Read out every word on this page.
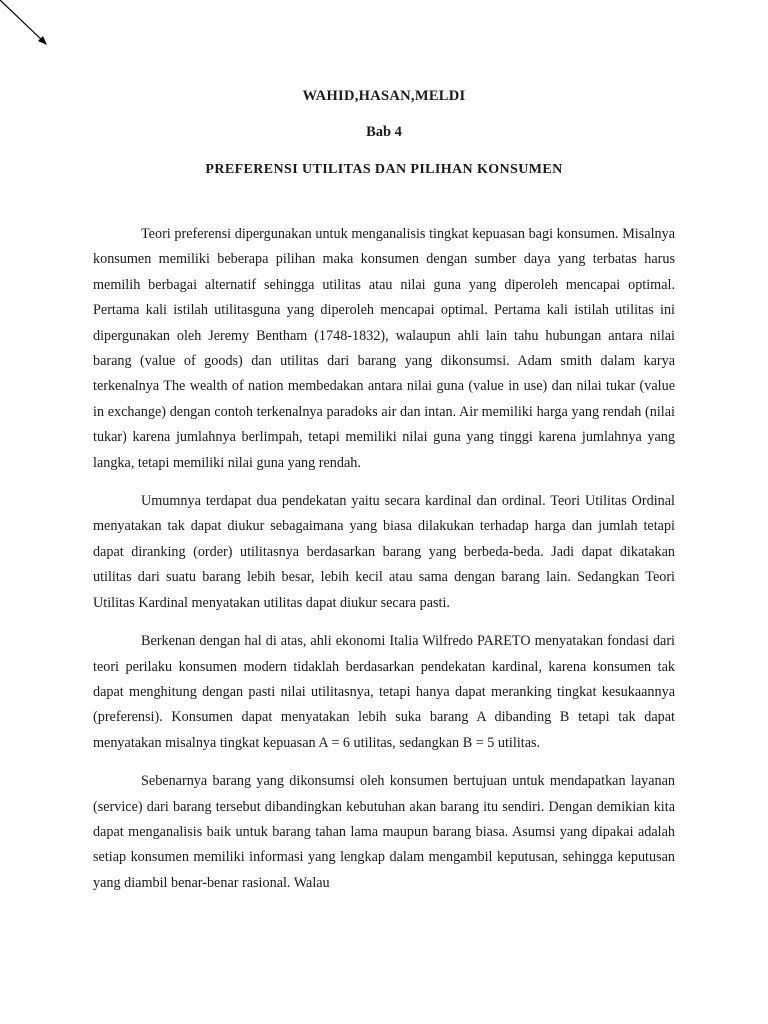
WAHID,HASAN,MELDI
Bab 4
PREFERENSI UTILITAS DAN PILIHAN KONSUMEN

Teori preferensi dipergunakan untuk menganalisis tingkat kepuasan bagi konsumen. Misalnya konsumen memiliki beberapa pilihan maka konsumen dengan sumber daya yang terbatas harus memilih berbagai alternatif sehingga utilitas atau nilai guna yang diperoleh mencapai optimal. Pertama kali istilah utilitasguna yang diperoleh mencapai optimal. Pertama kali istilah utilitas ini dipergunakan oleh Jeremy Bentham (1748-1832), walaupun ahli lain tahu hubungan antara nilai barang (value of goods) dan utilitas dari barang yang dikonsumsi. Adam smith dalam karya terkenalnya The wealth of nation membedakan antara nilai guna (value in use) dan nilai tukar (value in exchange) dengan contoh terkenalnya paradoks air dan intan. Air memiliki harga yang rendah (nilai tukar) karena jumlahnya berlimpah, tetapi memiliki nilai guna yang tinggi karena jumlahnya yang langka, tetapi memiliki nilai guna yang rendah.

Umumnya terdapat dua pendekatan yaitu secara kardinal dan ordinal. Teori Utilitas Ordinal menyatakan tak dapat diukur sebagaimana yang biasa dilakukan terhadap harga dan jumlah tetapi dapat diranking (order) utilitasnya berdasarkan barang yang berbeda-beda. Jadi dapat dikatakan utilitas dari suatu barang lebih besar, lebih kecil atau sama dengan barang lain. Sedangkan Teori Utilitas Kardinal menyatakan utilitas dapat diukur secara pasti.

Berkenan dengan hal di atas, ahli ekonomi Italia Wilfredo PARETO menyatakan fondasi dari teori perilaku konsumen modern tidaklah berdasarkan pendekatan kardinal, karena konsumen tak dapat menghitung dengan pasti nilai utilitasnya, tetapi hanya dapat meranking tingkat kesukaannya (preferensi). Konsumen dapat menyatakan lebih suka barang A dibanding B tetapi tak dapat menyatakan misalnya tingkat kepuasan A = 6 utilitas, sedangkan B = 5 utilitas.

Sebenarnya barang yang dikonsumsi oleh konsumen bertujuan untuk mendapatkan layanan (service) dari barang tersebut dibandingkan kebutuhan akan barang itu sendiri. Dengan demikian kita dapat menganalisis baik untuk barang tahan lama maupun barang biasa. Asumsi yang dipakai adalah setiap konsumen memiliki informasi yang lengkap dalam mengambil keputusan, sehingga keputusan yang diambil benar-benar rasional. Walau
